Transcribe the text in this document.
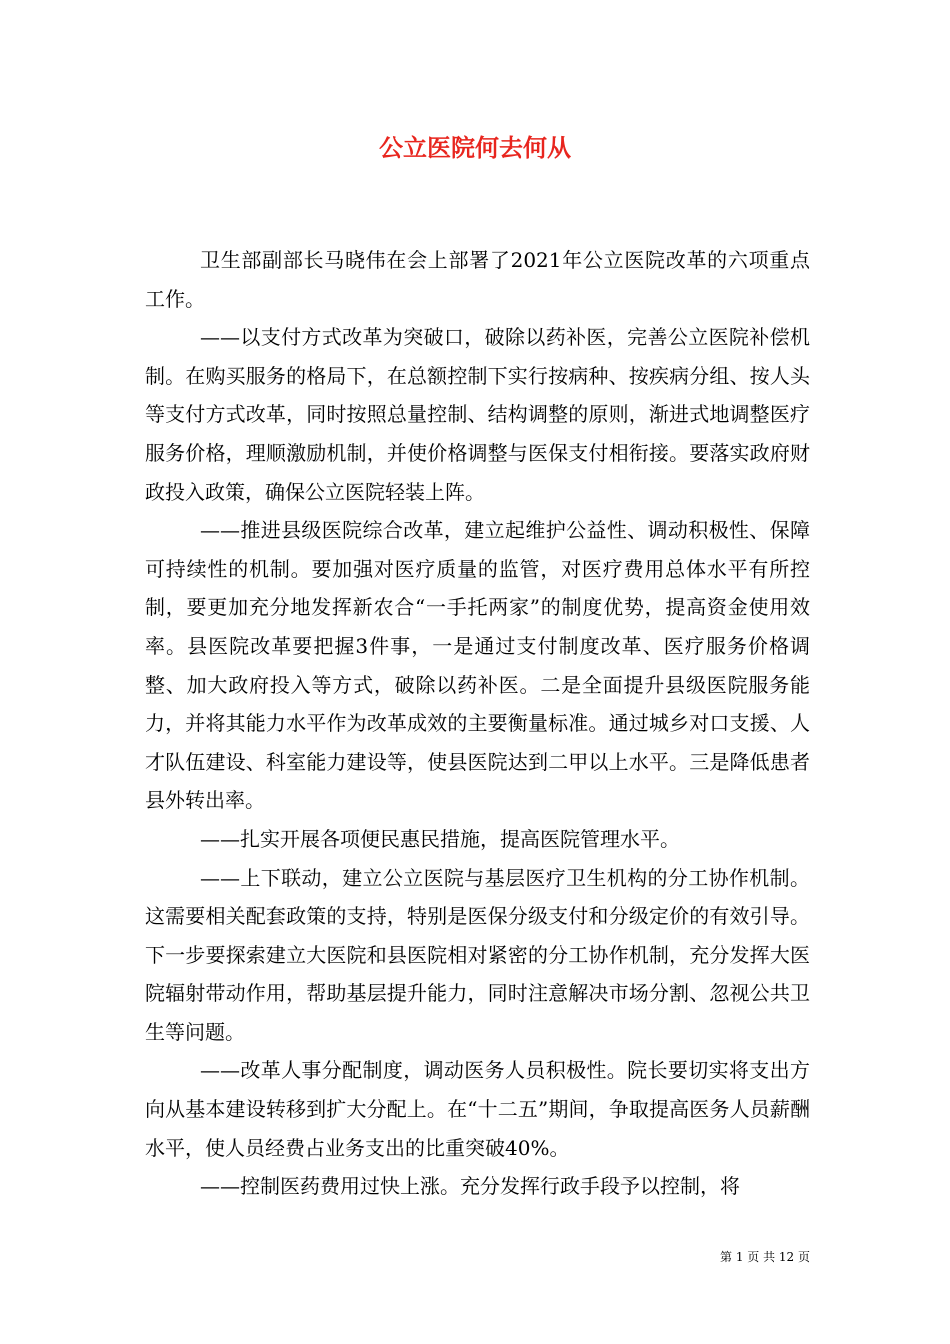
公立医院何去何从

卫生部副部长马晓伟在会上部署了2021年公立医院改革的六项重点工作。

——以支付方式改革为突破口，破除以药补医，完善公立医院补偿机制。在购买服务的格局下，在总额控制下实行按病种、按疾病分组、按人头等支付方式改革，同时按照总量控制、结构调整的原则，渐进式地调整医疗服务价格，理顺激励机制，并使价格调整与医保支付相衔接。要落实政府财政投入政策，确保公立医院轻装上阵。

——推进县级医院综合改革，建立起维护公益性、调动积极性、保障可持续性的机制。要加强对医疗质量的监管，对医疗费用总体水平有所控制，要更加充分地发挥新农合“一手托两家”的制度优势，提高资金使用效率。县医院改革要把握3件事，一是通过支付制度改革、医疗服务价格调整、加大政府投入等方式，破除以药补医。二是全面提升县级医院服务能力，并将其能力水平作为改革成效的主要衡量标准。通过城乡对口支援、人才队伍建设、科室能力建设等，使县医院达到二甲以上水平。三是降低患者县外转出率。

——扎实开展各项便民惠民措施，提高医院管理水平。

——上下联动，建立公立医院与基层医疗卫生机构的分工协作机制。这需要相关配套政策的支持，特别是医保分级支付和分级定价的有效引导。下一步要探索建立大医院和县医院相对紧密的分工协作机制，充分发挥大医院辐射带动作用，帮助基层提升能力，同时注意解决市场分割、忽视公共卫生等问题。

——改革人事分配制度，调动医务人员积极性。院长要切实将支出方向从基本建设转移到扩大分配上。在“十二五”期间，争取提高医务人员薪酬水平，使人员经费占业务支出的比重突破40%。

——控制医药费用过快上涨。充分发挥行政手段予以控制，将

第 1 页 共 12 页
